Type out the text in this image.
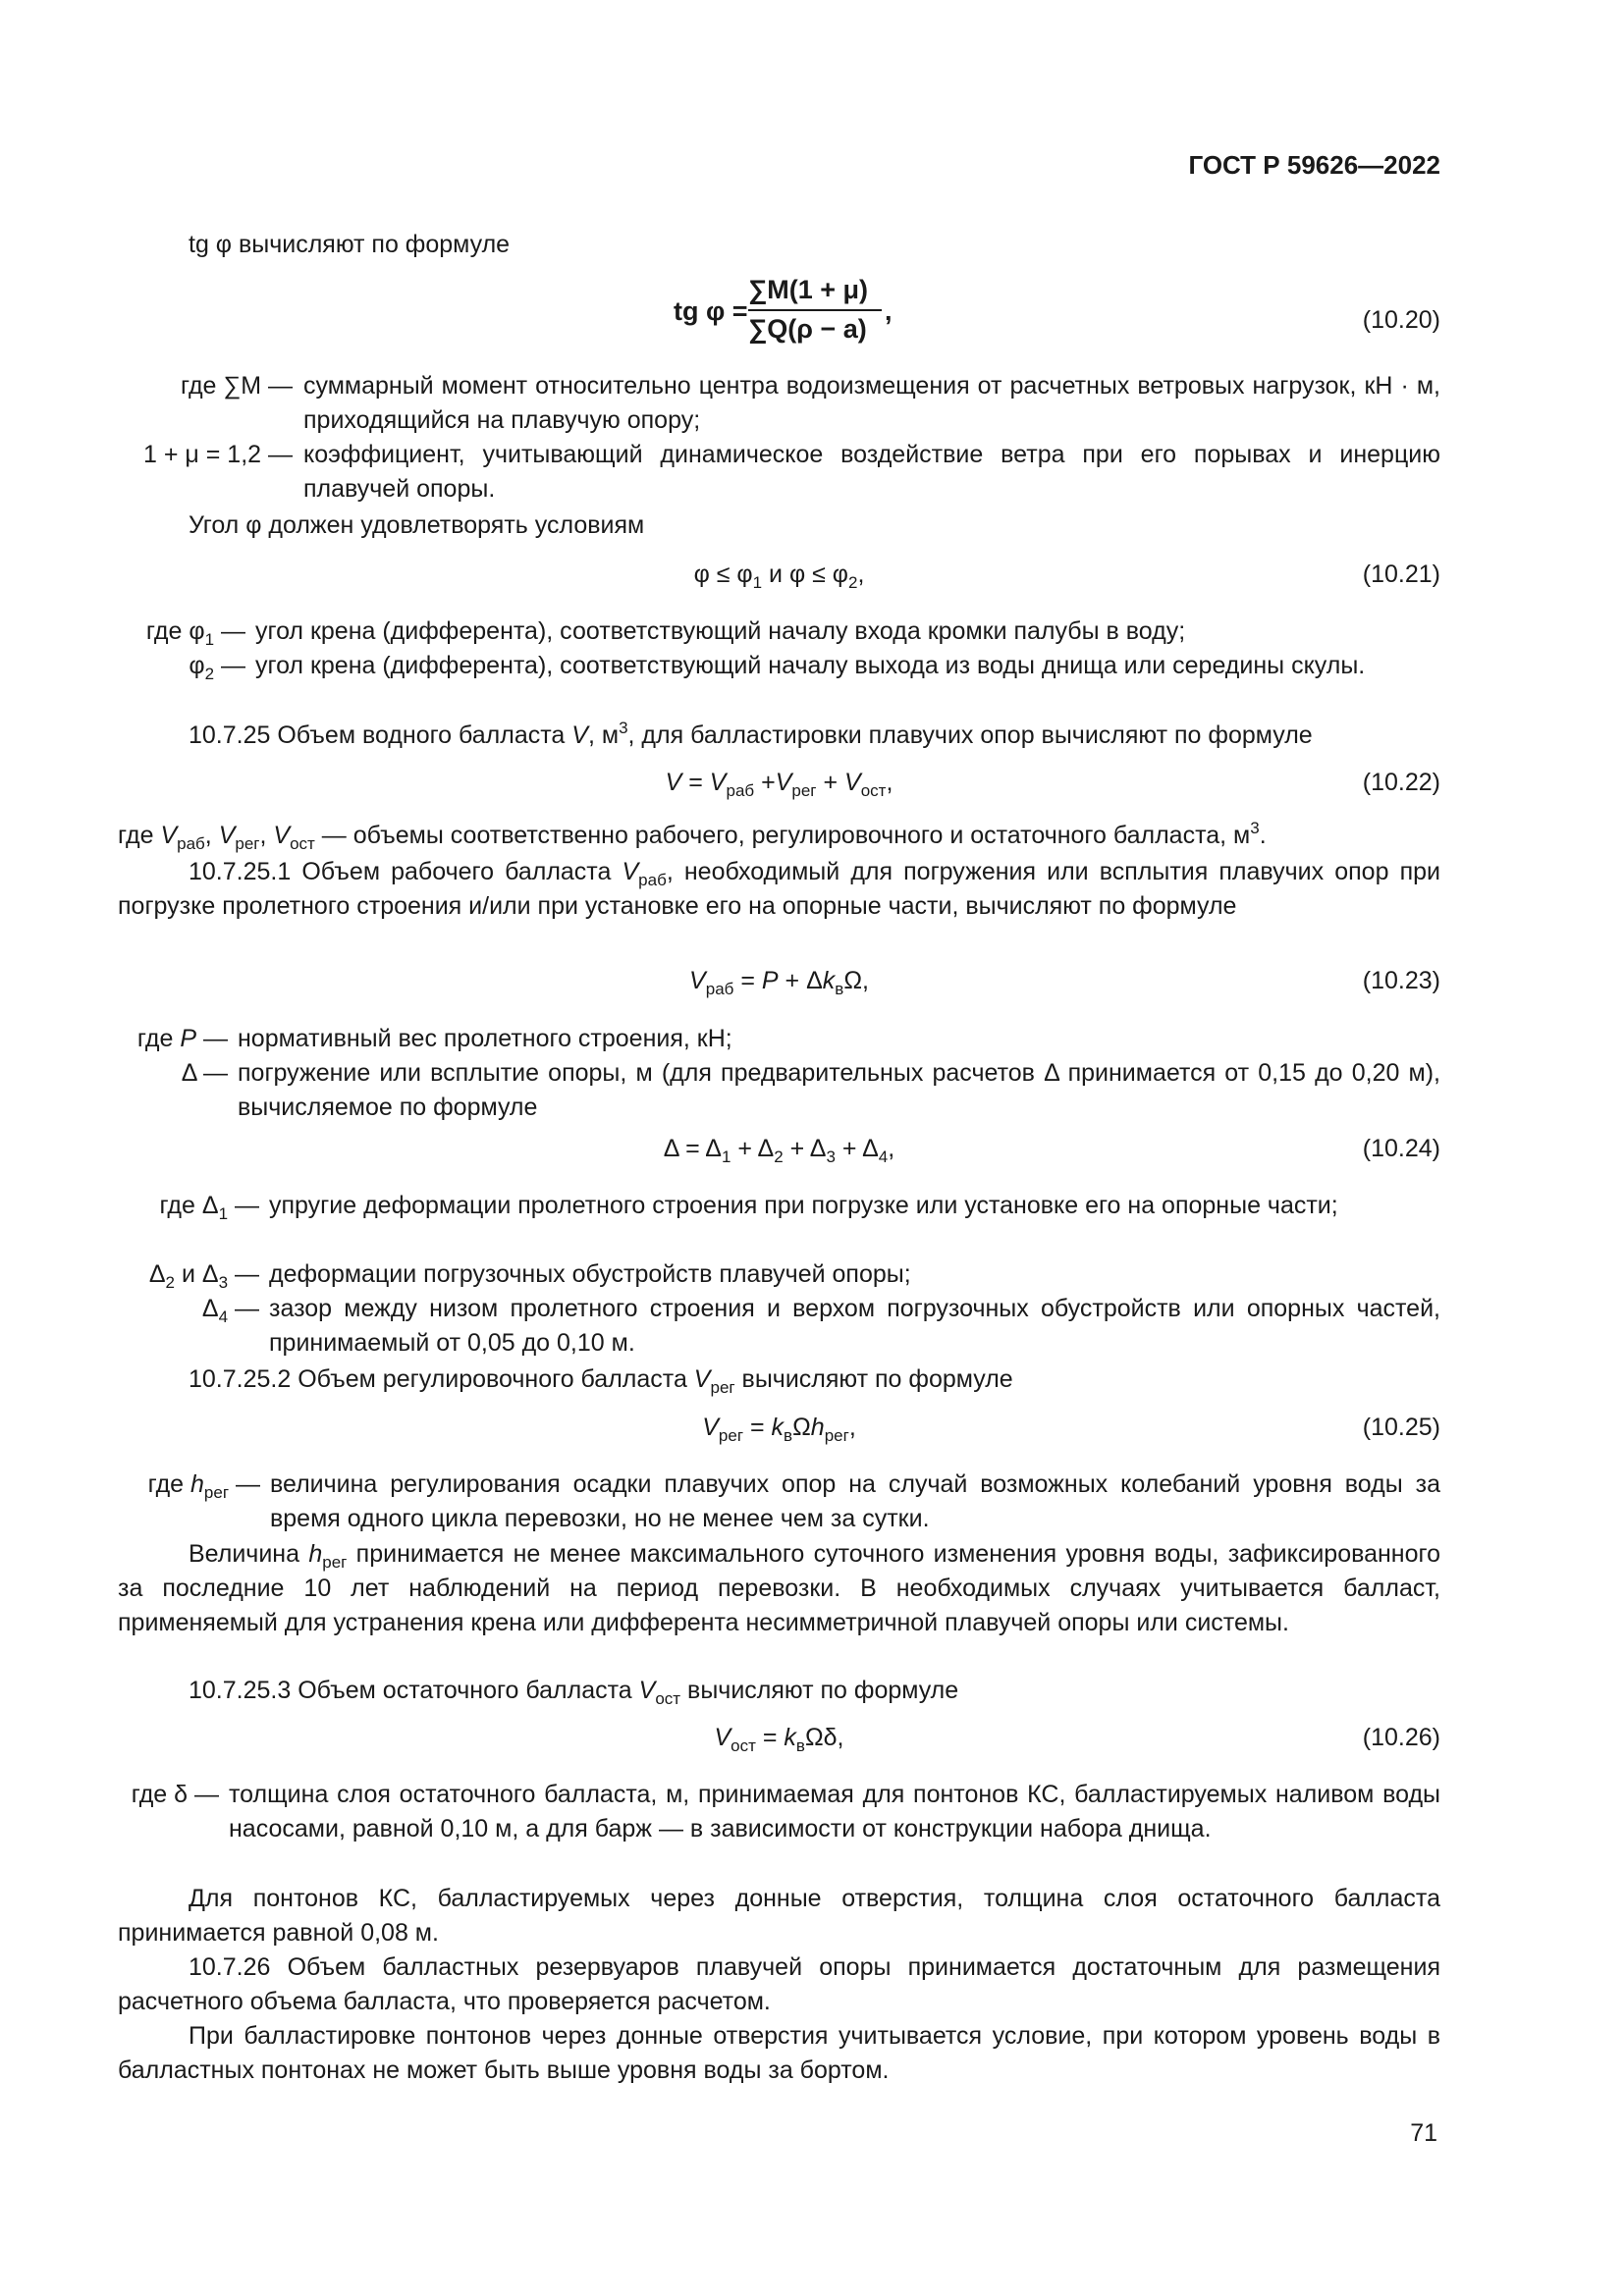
ГОСТ Р 59626—2022
tg φ вычисляют по формуле
tg φ =
∑M(1 + μ)
∑Q(ρ − a)
,	(10.20)
где ∑M — суммарный момент относительно центра водоизмещения от расчетных ветровых нагрузок, кН · м, приходящийся на плавучую опору;
1 + μ = 1,2 — коэффициент, учитывающий динамическое воздействие ветра при его порывах и инерцию плавучей опоры.
Угол φ должен удовлетворять условиям
$\varphi \le \varphi_1$ и $\varphi \le \varphi_2$,	(10.21)
где $\varphi_1$ — угол крена (дифферента), соответствующий началу входа кромки палубы в воду;
$\varphi_2$ — угол крена (дифферента), соответствующий началу выхода из воды днища или середины скулы.
10.7.25 Объем водного балласта V, $м^3$, для балластировки плавучих опор вычисляют по формуле
$V = V_{раб} +V_{рег} + V_{ост}$,	(10.22)
где $V_{раб}$, $V_{рег}$, $V_{ост}$ — объемы соответственно рабочего, регулировочного и остаточного балласта, $м^3$.
10.7.25.1 Объем рабочего балласта $V_{раб}$, необходимый для погружения или всплытия плавучих опор при погрузке пролетного строения и/или при установке его на опорные части, вычисляют по формуле
$V_{раб} = P + \Delta k_в\Omega$,	(10.23)
где P — нормативный вес пролетного строения, кН;
Δ — погружение или всплытие опоры, м (для предварительных расчетов Δ принимается от 0,15 до 0,20 м), вычисляемое по формуле
$\Delta = \Delta_1 + \Delta_2 + \Delta_3 + \Delta_4$,	(10.24)
где $\Delta_1$ — упругие деформации пролетного строения при погрузке или установке его на опорные части;
$\Delta_2$ и $\Delta_3$ — деформации погрузочных обустройств плавучей опоры;
$\Delta_4$ — зазор между низом пролетного строения и верхом погрузочных обустройств или опорных частей, принимаемый от 0,05 до 0,10 м.
10.7.25.2 Объем регулировочного балласта $V_{рег}$ вычисляют по формуле
$V_{рег} = k_в\Omega h_{рег}$,	(10.25)
где $h_{рег}$ — величина регулирования осадки плавучих опор на случай возможных колебаний уровня воды за время одного цикла перевозки, но не менее чем за сутки.
Величина $h_{рег}$ принимается не менее максимального суточного изменения уровня воды, зафиксированного за последние 10 лет наблюдений на период перевозки. В необходимых случаях учитывается балласт, применяемый для устранения крена или дифферента несимметричной плавучей опоры или системы.
10.7.25.3 Объем остаточного балласта $V_{ост}$ вычисляют по формуле
$V_{ост} = k_в\Omega\delta$,	(10.26)
где δ — толщина слоя остаточного балласта, м, принимаемая для понтонов КС, балластируемых наливом воды насосами, равной 0,10 м, а для барж — в зависимости от конструкции набора днища.
Для понтонов КС, балластируемых через донные отверстия, толщина слоя остаточного балласта принимается равной 0,08 м.
10.7.26 Объем балластных резервуаров плавучей опоры принимается достаточным для размещения расчетного объема балласта, что проверяется расчетом.
При балластировке понтонов через донные отверстия учитывается условие, при котором уровень воды в балластных понтонах не может быть выше уровня воды за бортом.
71
